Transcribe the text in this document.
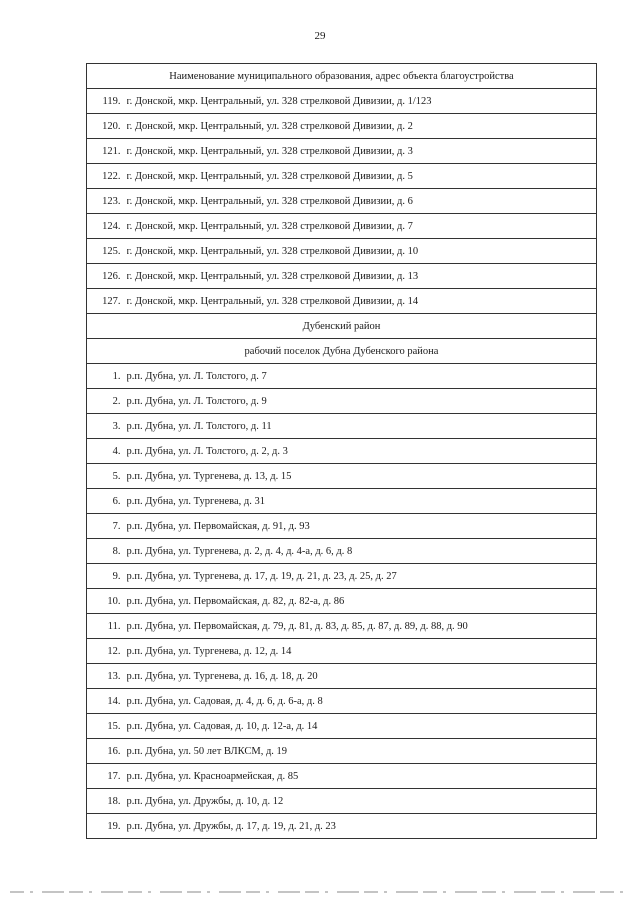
29
Наименование муниципального образования, адрес объекта благоустройства	
119.	г. Донской, мкр. Центральный, ул. 328 стрелковой Дивизии, д. 1/123
120.	г. Донской, мкр. Центральный, ул. 328 стрелковой Дивизии, д. 2
121.	г. Донской, мкр. Центральный, ул. 328 стрелковой Дивизии, д. 3
122.	г. Донской, мкр. Центральный, ул. 328 стрелковой Дивизии, д. 5
123.	г. Донской, мкр. Центральный, ул. 328 стрелковой Дивизии, д. 6
124.	г. Донской, мкр. Центральный, ул. 328 стрелковой Дивизии, д. 7
125.	г. Донской, мкр. Центральный, ул. 328 стрелковой Дивизии, д. 10
126.	г. Донской, мкр. Центральный, ул. 328 стрелковой Дивизии, д. 13
127.	г. Донской, мкр. Центральный, ул. 328 стрелковой Дивизии, д. 14
Дубенский район	
рабочий поселок Дубна Дубенского района	
1.	р.п. Дубна, ул. Л. Толстого, д. 7
2.	р.п. Дубна, ул. Л. Толстого, д. 9
3.	р.п. Дубна, ул. Л. Толстого, д. 11
4.	р.п. Дубна, ул. Л. Толстого, д. 2, д. 3
5.	р.п. Дубна, ул. Тургенева, д. 13, д. 15
6.	р.п. Дубна, ул. Тургенева, д. 31
7.	р.п. Дубна, ул. Первомайская, д. 91, д. 93
8.	р.п. Дубна, ул. Тургенева, д. 2, д. 4, д. 4-а, д. 6, д. 8
9.	р.п. Дубна, ул. Тургенева, д. 17, д. 19, д. 21, д. 23, д. 25, д. 27
10.	р.п. Дубна, ул. Первомайская, д. 82, д. 82-а, д. 86
11.	р.п. Дубна, ул. Первомайская, д. 79, д. 81, д. 83, д. 85, д. 87, д. 89, д. 88, д. 90
12.	р.п. Дубна, ул. Тургенева, д. 12, д. 14
13.	р.п. Дубна, ул. Тургенева, д. 16, д. 18, д. 20
14.	р.п. Дубна, ул. Садовая, д. 4, д. 6, д. 6-а, д. 8
15.	р.п. Дубна, ул. Садовая, д. 10, д. 12-а, д. 14
16.	р.п. Дубна, ул. 50 лет ВЛКСМ, д. 19
17.	р.п. Дубна, ул. Красноармейская, д. 85
18.	р.п. Дубна, ул. Дружбы, д. 10, д. 12
19.	р.п. Дубна, ул. Дружбы, д. 17, д. 19, д. 21, д. 23
